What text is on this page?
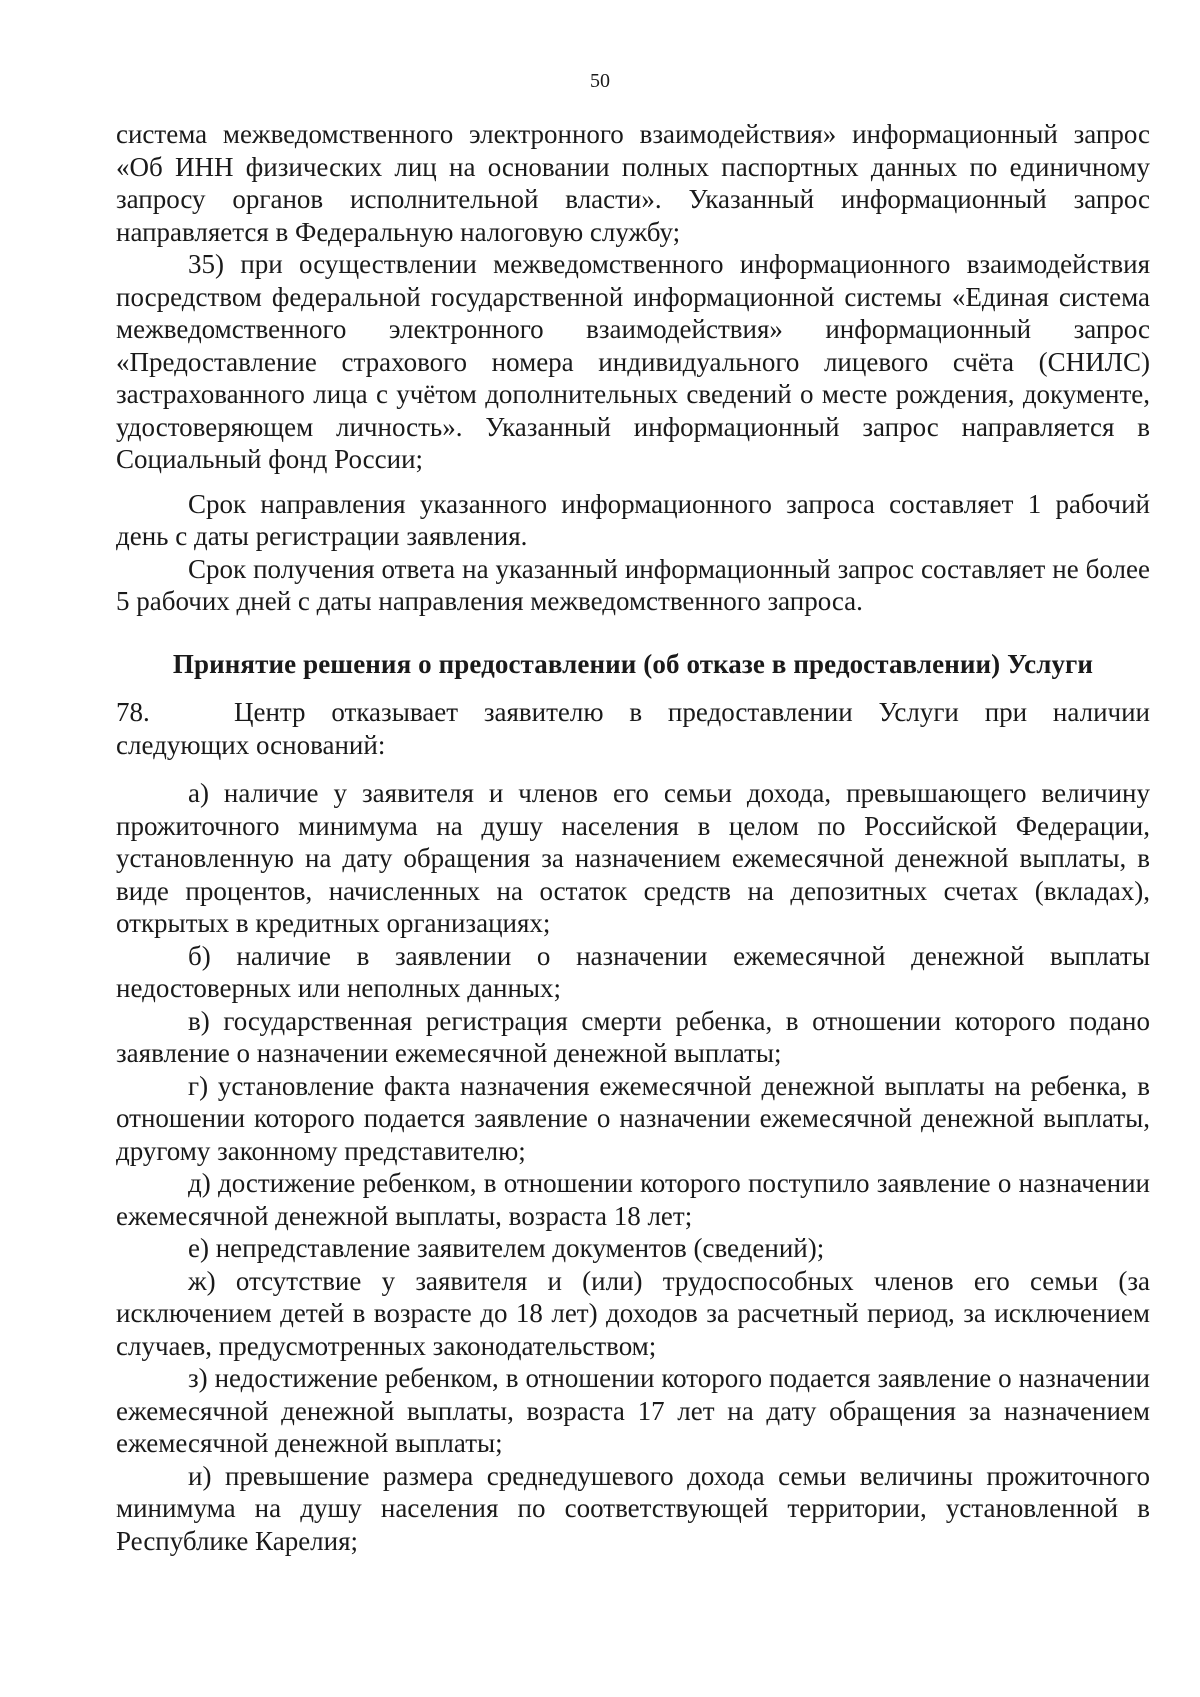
50

система межведомственного электронного взаимодействия» информационный запрос «Об ИНН физических лиц на основании полных паспортных данных по единичному запросу органов исполнительной власти». Указанный информационный запрос направляется в Федеральную налоговую службу;

35) при осуществлении межведомственного информационного взаимодействия посредством федеральной государственной информационной системы «Единая система межведомственного электронного взаимодействия» информационный запрос «Предоставление страхового номера индивидуального лицевого счёта (СНИЛС) застрахованного лица с учётом дополнительных сведений о месте рождения, документе, удостоверяющем личность». Указанный информационный запрос направляется в Социальный фонд России;

Срок направления указанного информационного запроса составляет 1 рабочий день с даты регистрации заявления.

Срок получения ответа на указанный информационный запрос составляет не более 5 рабочих дней с даты направления межведомственного запроса.

Принятие решения о предоставлении (об отказе в предоставлении) Услуги

78.	Центр отказывает заявителю в предоставлении Услуги при наличии следующих оснований:

а) наличие у заявителя и членов его семьи дохода, превышающего величину прожиточного минимума на душу населения в целом по Российской Федерации, установленную на дату обращения за назначением ежемесячной денежной выплаты, в виде процентов, начисленных на остаток средств на депозитных счетах (вкладах), открытых в кредитных организациях;

б) наличие в заявлении о назначении ежемесячной денежной выплаты недостоверных или неполных данных;

в) государственная регистрация смерти ребенка, в отношении которого подано заявление о назначении ежемесячной денежной выплаты;

г) установление факта назначения ежемесячной денежной выплаты на ребенка, в отношении которого подается заявление о назначении ежемесячной денежной выплаты, другому законному представителю;

д) достижение ребенком, в отношении которого поступило заявление о назначении ежемесячной денежной выплаты, возраста 18 лет;

е) непредставление заявителем документов (сведений);

ж) отсутствие у заявителя и (или) трудоспособных членов его семьи (за исключением детей в возрасте до 18 лет) доходов за расчетный период, за исключением случаев, предусмотренных законодательством;

з) недостижение ребенком, в отношении которого подается заявление о назначении ежемесячной денежной выплаты, возраста 17 лет на дату обращения за назначением ежемесячной денежной выплаты;

и) превышение размера среднедушевого дохода семьи величины прожиточного минимума на душу населения по соответствующей территории, установленной в Республике Карелия;
